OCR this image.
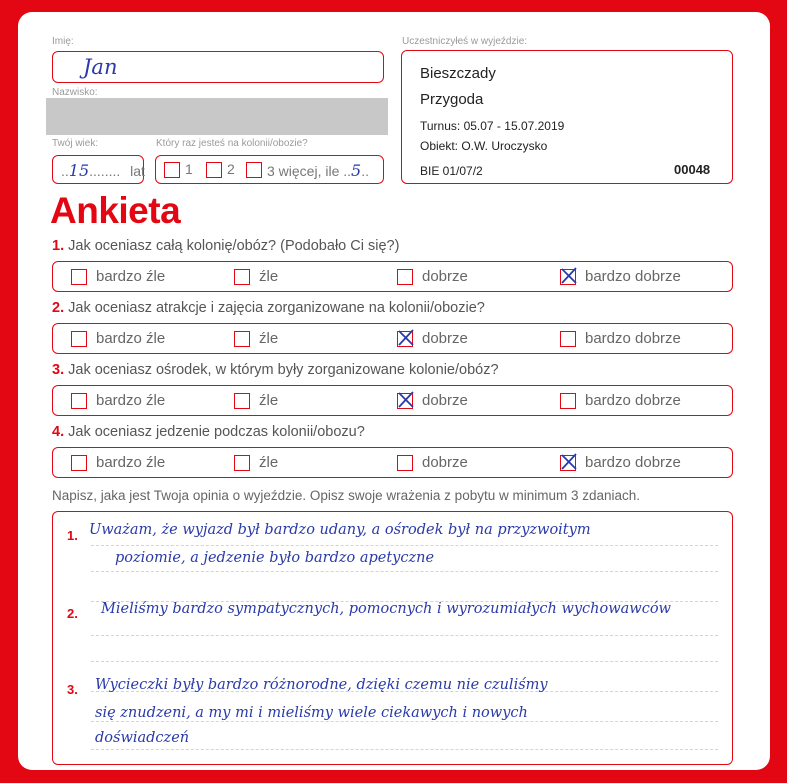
Imię:
Jan
Nazwisko:
Twój wiek:
..15........ lat
Który raz jesteś na kolonii/obozie?
1 2 3 więcej, ile ..5..
Uczestniczyłeś w wyjeździe:
Bieszczady
Przygoda
Turnus: 05.07 - 15.07.2019
Obiekt: O.W. Uroczysko
BIE 01/07/2	00048
Ankieta
1. Jak oceniasz całą kolonię/obóz? (Podobało Ci się?)
bardzo źle	źle	dobrze	bardzo dobrze
2. Jak oceniasz atrakcje i zajęcia zorganizowane na kolonii/obozie?
bardzo źle	źle	dobrze	bardzo dobrze
3. Jak oceniasz ośrodek, w którym były zorganizowane kolonie/obóz?
bardzo źle	źle	dobrze	bardzo dobrze
4. Jak oceniasz jedzenie podczas kolonii/obozu?
bardzo źle	źle	dobrze	bardzo dobrze
Napisz, jaka jest Twoja opinia o wyjeździe. Opisz swoje wrażenia z pobytu w minimum 3 zdaniach.
1. Uważam, że wyjazd był bardzo udany, a ośrodek był na przyzwoitym
poziomie, a jedzenie było bardzo apetyczne
2. Mieliśmy bardzo sympatycznych, pomocnych i wyrozumiałych wychowawców
3. Wycieczki były bardzo różnorodne, dzięki czemu nie czuliśmy
się znudzeni, a my mi i mieliśmy wiele ciekawych i nowych
doświadczeń
